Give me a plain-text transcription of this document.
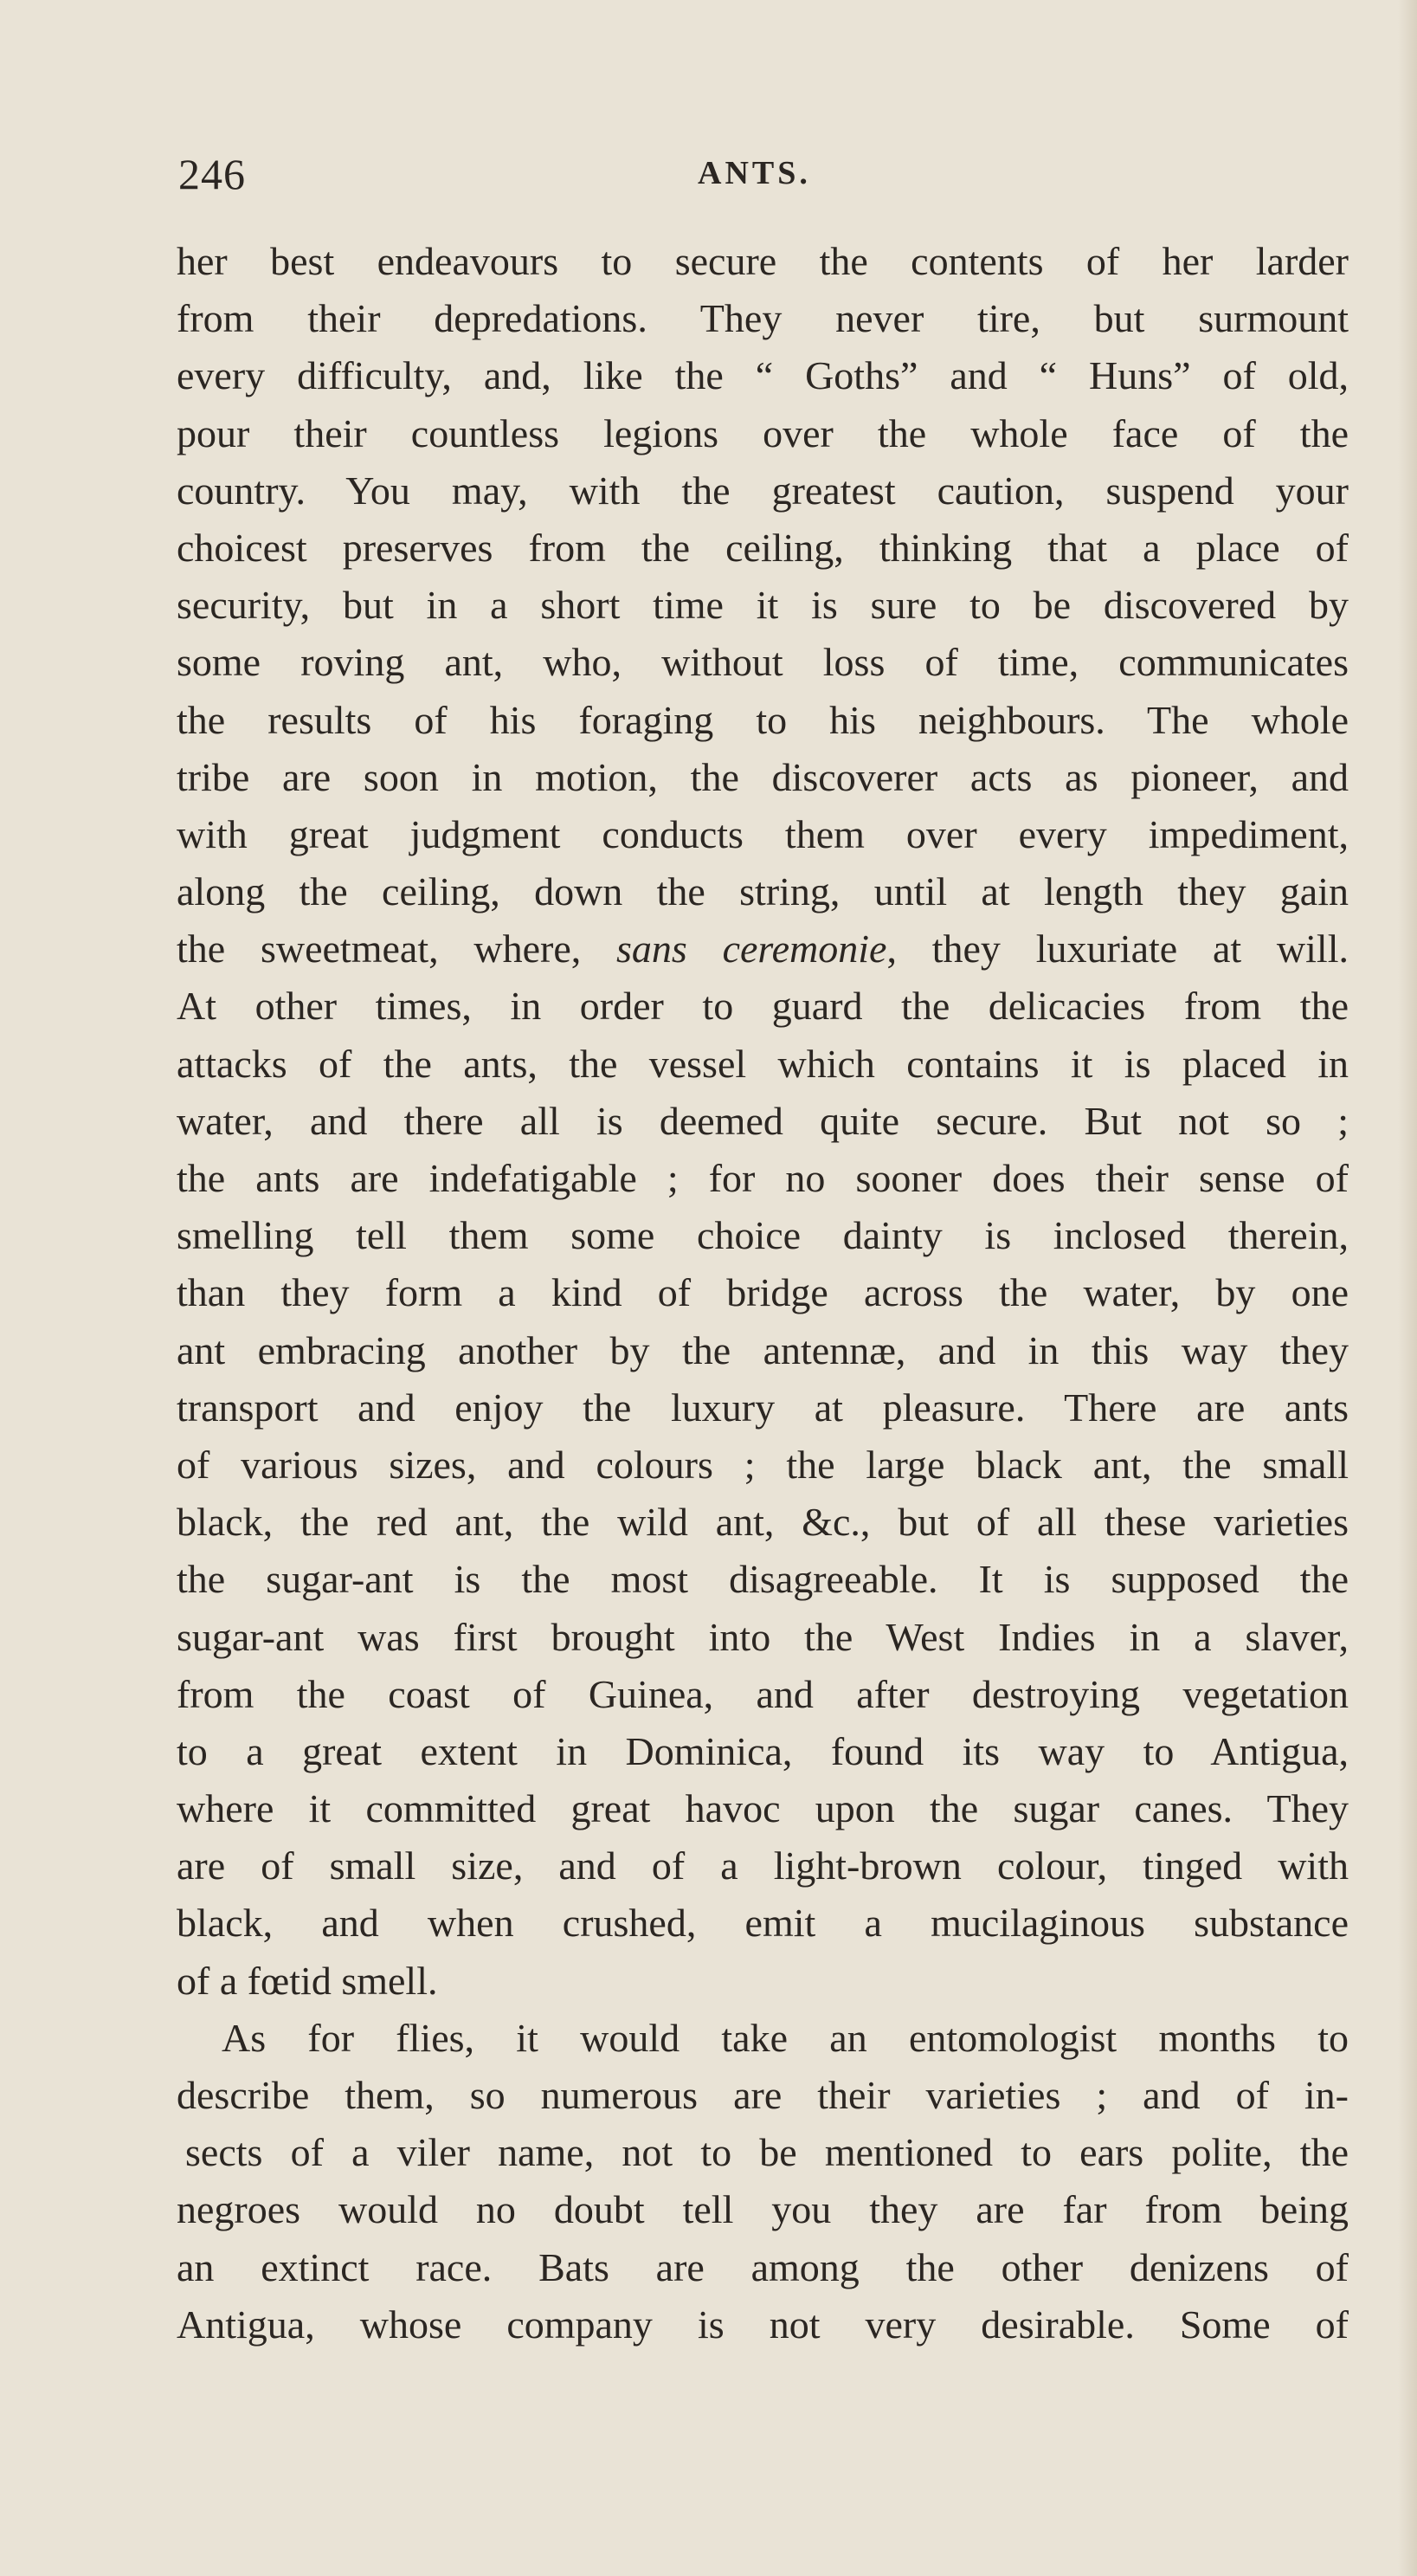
246	ANTS.
her best endeavours to secure the contents of her larder
from their depredations. They never tire, but surmount
every difficulty, and, like the “ Goths” and “ Huns” of old,
pour their countless legions over the whole face of the
country. You may, with the greatest caution, suspend your
choicest preserves from the ceiling, thinking that a place of
security, but in a short time it is sure to be discovered by
some roving ant, who, without loss of time, communicates
the results of his foraging to his neighbours. The whole
tribe are soon in motion, the discoverer acts as pioneer, and
with great judgment conducts them over every impediment,
along the ceiling, down the string, until at length they gain
the sweetmeat, where, sans ceremonie, they luxuriate at will.
At other times, in order to guard the delicacies from the
attacks of the ants, the vessel which contains it is placed in
water, and there all is deemed quite secure. But not so ;
the ants are indefatigable ; for no sooner does their sense of
smelling tell them some choice dainty is inclosed therein,
than they form a kind of bridge across the water, by one
ant embracing another by the antennæ, and in this way they
transport and enjoy the luxury at pleasure. There are ants
of various sizes, and colours ; the large black ant, the small
black, the red ant, the wild ant, &c., but of all these varieties
the sugar-ant is the most disagreeable. It is supposed the
sugar-ant was first brought into the West Indies in a slaver,
from the coast of Guinea, and after destroying vegetation
to a great extent in Dominica, found its way to Antigua,
where it committed great havoc upon the sugar canes. They
are of small size, and of a light-brown colour, tinged with
black, and when crushed, emit a mucilaginous substance
of a fœtid smell.
As for flies, it would take an entomologist months to
describe them, so numerous are their varieties ; and of in-
sects of a viler name, not to be mentioned to ears polite, the
negroes would no doubt tell you they are far from being
an extinct race. Bats are among the other denizens of
Antigua, whose company is not very desirable. Some of
